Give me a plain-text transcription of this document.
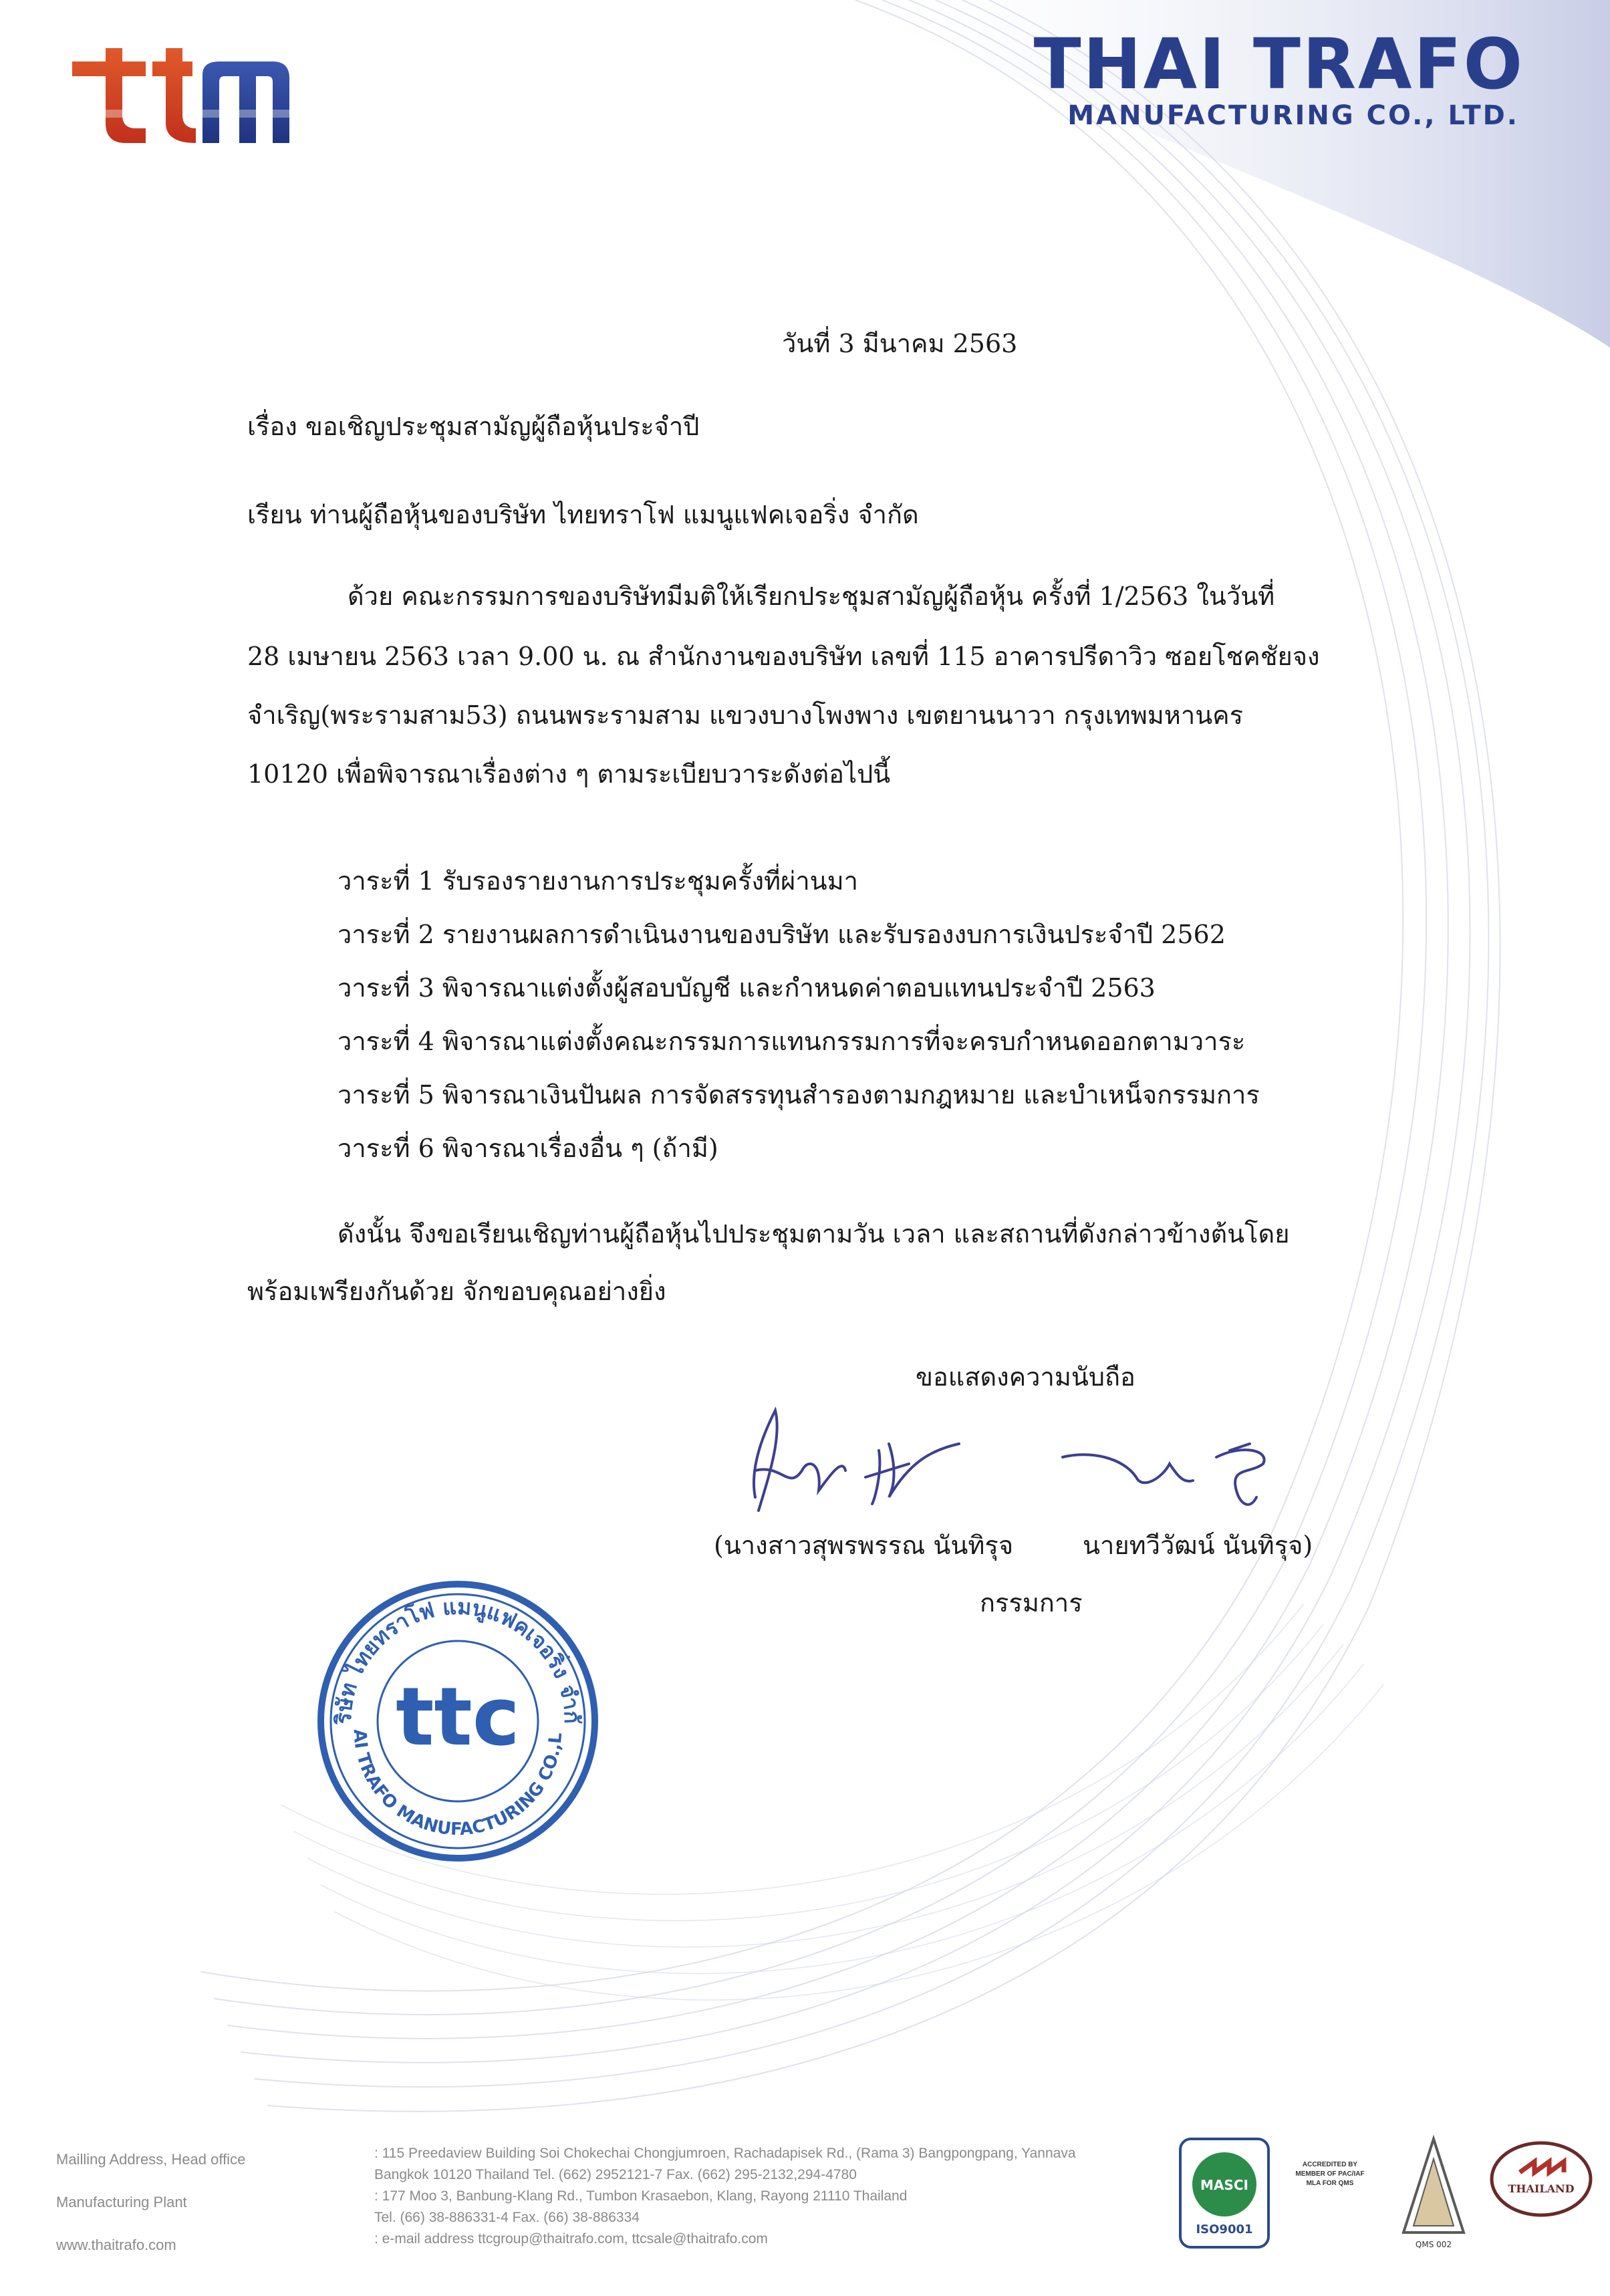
THAI TRAFO
MANUFACTURING CO., LTD.
วันที่ 3 มีนาคม 2563
เรื่อง ขอเชิญประชุมสามัญผู้ถือหุ้นประจำปี
เรียน ท่านผู้ถือหุ้นของบริษัท ไทยทราโฟ แมนูแฟคเจอริ่ง จำกัด
ด้วย คณะกรรมการของบริษัทมีมติให้เรียกประชุมสามัญผู้ถือหุ้น ครั้งที่ 1/2563 ในวันที่
28 เมษายน 2563 เวลา 9.00 น. ณ สำนักงานของบริษัท เลขที่ 115 อาคารปรีดาวิว ซอยโชคชัยจง
จำเริญ(พระรามสาม53) ถนนพระรามสาม แขวงบางโพงพาง เขตยานนาวา กรุงเทพมหานคร
10120 เพื่อพิจารณาเรื่องต่าง ๆ ตามระเบียบวาระดังต่อไปนี้
วาระที่ 1 รับรองรายงานการประชุมครั้งที่ผ่านมา
วาระที่ 2 รายงานผลการดำเนินงานของบริษัท และรับรองงบการเงินประจำปี 2562
วาระที่ 3 พิจารณาแต่งตั้งผู้สอบบัญชี และกำหนดค่าตอบแทนประจำปี 2563
วาระที่ 4 พิจารณาแต่งตั้งคณะกรรมการแทนกรรมการที่จะครบกำหนดออกตามวาระ
วาระที่ 5 พิจารณาเงินปันผล การจัดสรรทุนสำรองตามกฎหมาย และบำเหน็จกรรมการ
วาระที่ 6 พิจารณาเรื่องอื่น ๆ (ถ้ามี)
ดังนั้น จึงขอเรียนเชิญท่านผู้ถือหุ้นไปประชุมตามวัน เวลา และสถานที่ดังกล่าวข้างต้นโดย
พร้อมเพรียงกันด้วย จักขอบคุณอย่างยิ่ง
ขอแสดงความนับถือ
(นางสาวสุพรพรรณ นันทิรุจ	นายทวีวัฒน์ นันทิรุจ)
กรรมการ
ริษัท ไทยทราโฟ แมนูแฟคเจอริ่ง จำกั
AI TRAFO MANUFACTURING CO.,L
ttc
Mailling Address, Head office	: 115 Preedaview Building Soi Chokechai Chongjumroen, Rachadapisek Rd., (Rama 3) Bangpongpang, Yannava
Bangkok 10120 Thailand Tel. (662) 2952121-7 Fax. (662) 295-2132,294-4780
Manufacturing Plant	: 177 Moo 3, Banbung-Klang Rd., Tumbon Krasaebon, Klang, Rayong 21110 Thailand
Tel. (66) 38-886331-4 Fax. (66) 38-886334
www.thaitrafo.com	: e-mail address ttcgroup@thaitrafo.com, ttcsale@thaitrafo.com
MASCI
ISO9001
ACCREDITED BY
MEMBER OF PAC/IAF
MLA FOR QMS
QMS 002
THAILAND
